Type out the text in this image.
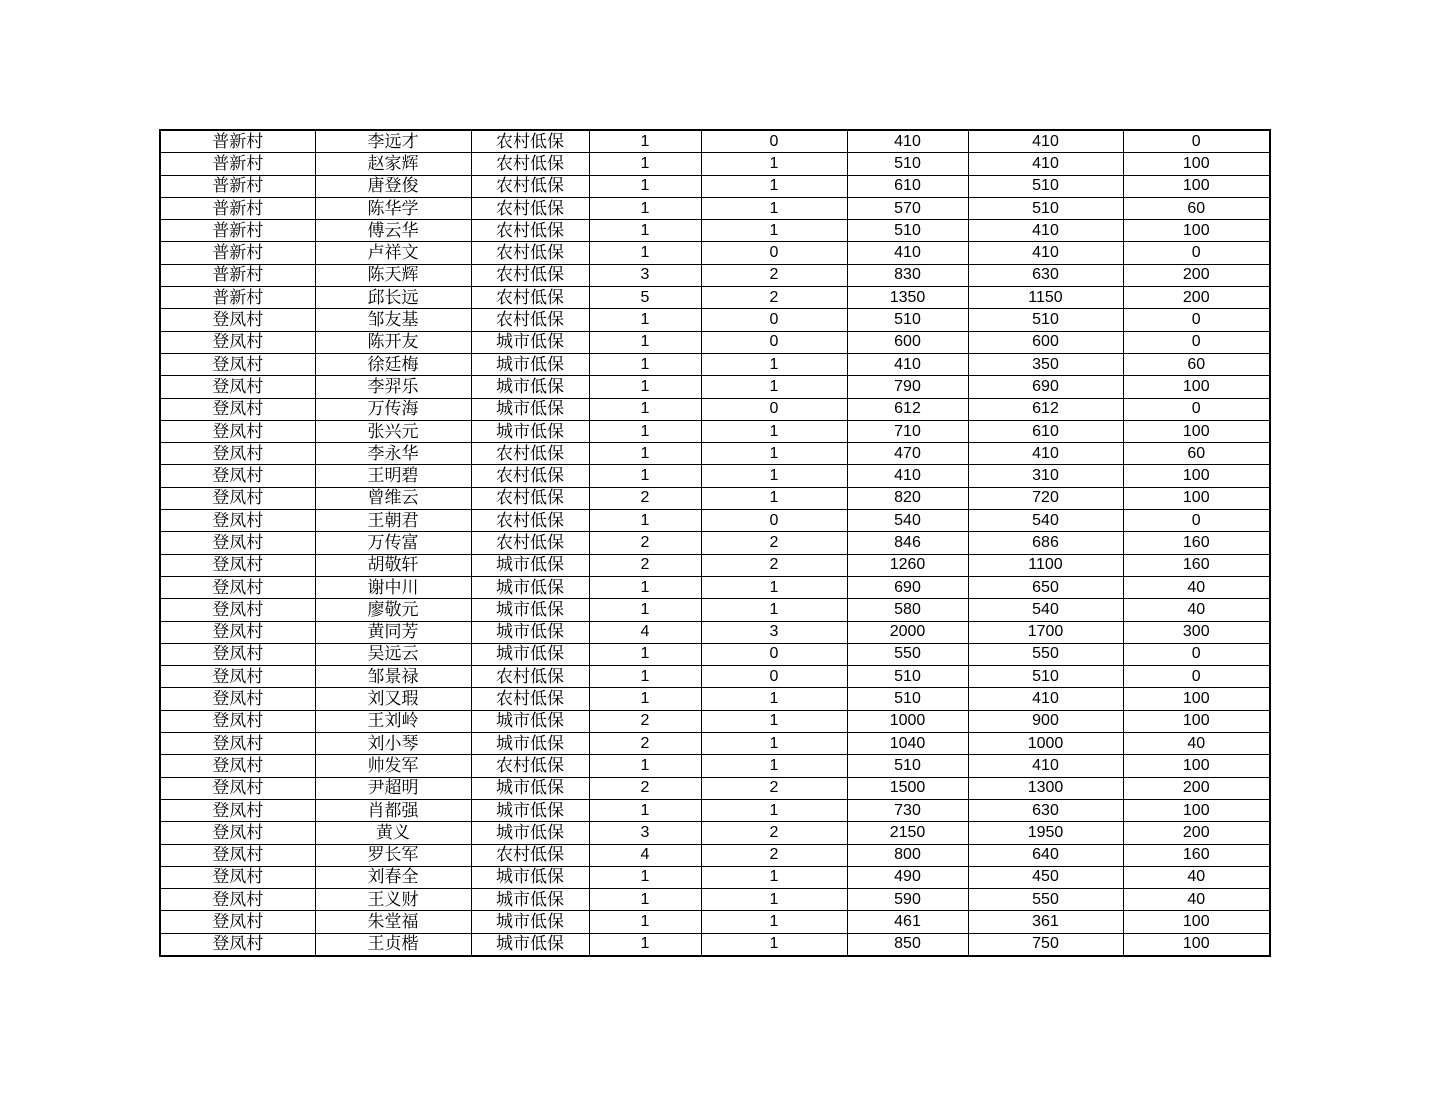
普新村	李远才	农村低保	1	0	410	410	0
普新村	赵家辉	农村低保	1	1	510	410	100
普新村	唐登俊	农村低保	1	1	610	510	100
普新村	陈华学	农村低保	1	1	570	510	60
普新村	傅云华	农村低保	1	1	510	410	100
普新村	卢祥文	农村低保	1	0	410	410	0
普新村	陈天辉	农村低保	3	2	830	630	200
普新村	邱长远	农村低保	5	2	1350	1150	200
登凤村	邹友基	农村低保	1	0	510	510	0
登凤村	陈开友	城市低保	1	0	600	600	0
登凤村	徐廷梅	城市低保	1	1	410	350	60
登凤村	李羿乐	城市低保	1	1	790	690	100
登凤村	万传海	城市低保	1	0	612	612	0
登凤村	张兴元	城市低保	1	1	710	610	100
登凤村	李永华	农村低保	1	1	470	410	60
登凤村	王明碧	农村低保	1	1	410	310	100
登凤村	曾维云	农村低保	2	1	820	720	100
登凤村	王朝君	农村低保	1	0	540	540	0
登凤村	万传富	农村低保	2	2	846	686	160
登凤村	胡敬轩	城市低保	2	2	1260	1100	160
登凤村	谢中川	城市低保	1	1	690	650	40
登凤村	廖敬元	城市低保	1	1	580	540	40
登凤村	黄同芳	城市低保	4	3	2000	1700	300
登凤村	吴远云	城市低保	1	0	550	550	0
登凤村	邹景禄	农村低保	1	0	510	510	0
登凤村	刘又瑕	农村低保	1	1	510	410	100
登凤村	王刘岭	城市低保	2	1	1000	900	100
登凤村	刘小琴	城市低保	2	1	1040	1000	40
登凤村	帅发军	农村低保	1	1	510	410	100
登凤村	尹超明	城市低保	2	2	1500	1300	200
登凤村	肖都强	城市低保	1	1	730	630	100
登凤村	黄义	城市低保	3	2	2150	1950	200
登凤村	罗长军	农村低保	4	2	800	640	160
登凤村	刘春全	城市低保	1	1	490	450	40
登凤村	王义财	城市低保	1	1	590	550	40
登凤村	朱堂福	城市低保	1	1	461	361	100
登凤村	王贞楷	城市低保	1	1	850	750	100
